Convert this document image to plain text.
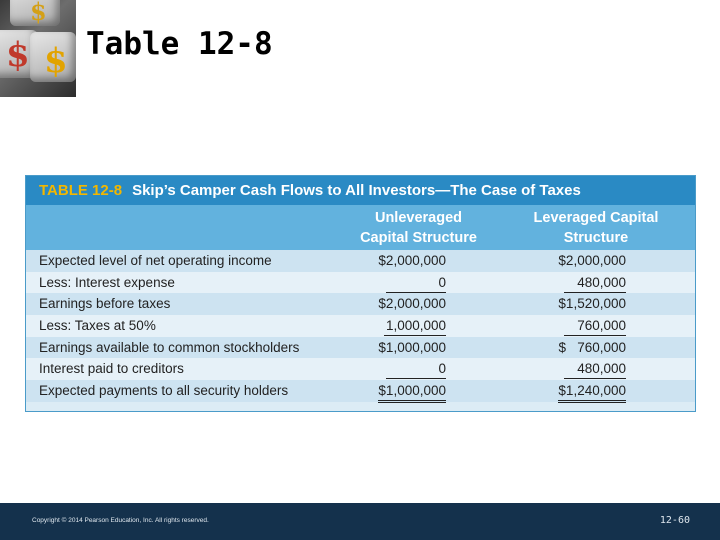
$ $
$
Table 12-8
TABLE 12-8 Skip’s Camper Cash Flows to All Investors—The Case of Taxes
Unleveraged
Capital Structure
Leveraged Capital
Structure
Expected level of net operating income	$2,000,000	$2,000,000
Less: Interest expense	0	480,000
Earnings before taxes	$2,000,000	$1,520,000
Less: Taxes at 50%	1,000,000	760,000
Earnings available to common stockholders	$1,000,000	$   760,000
Interest paid to creditors	0	480,000
Expected payments to all security holders	$1,000,000	$1,240,000
Copyright © 2014 Pearson Education, Inc. All rights reserved.	12-60
